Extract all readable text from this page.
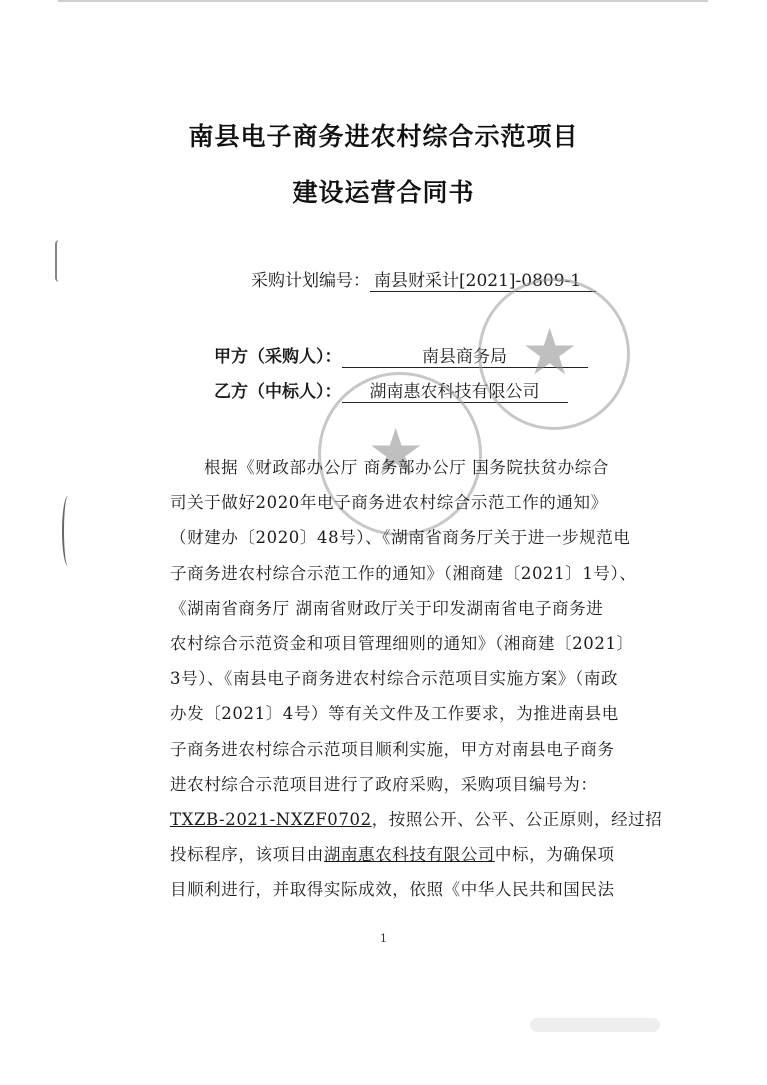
南县电子商务进农村综合示范项目
建设运营合同书
采购计划编号： 南县财采计[2021]-0809-1
甲方（采购人）：	南县商务局
乙方（中标人）： 湖南惠农科技有限公司
★
★
根据《财政部办公厅 商务部办公厅 国务院扶贫办综合
司关于做好2020年电子商务进农村综合示范工作的通知》
（财建办〔2020〕48号）、《湖南省商务厅关于进一步规范电
子商务进农村综合示范工作的通知》（湘商建〔2021〕1号）、
《湖南省商务厅 湖南省财政厅关于印发湖南省电子商务进
农村综合示范资金和项目管理细则的通知》（湘商建〔2021〕
3号）、《南县电子商务进农村综合示范项目实施方案》（南政
办发〔2021〕4号）等有关文件及工作要求，为推进南县电
子商务进农村综合示范项目顺利实施，甲方对南县电子商务
进农村综合示范项目进行了政府采购，采购项目编号为：
TXZB-2021-NXZF0702，按照公开、公平、公正原则，经过招
投标程序，该项目由湖南惠农科技有限公司中标，为确保项
目顺利进行，并取得实际成效，依照《中华人民共和国民法
1
